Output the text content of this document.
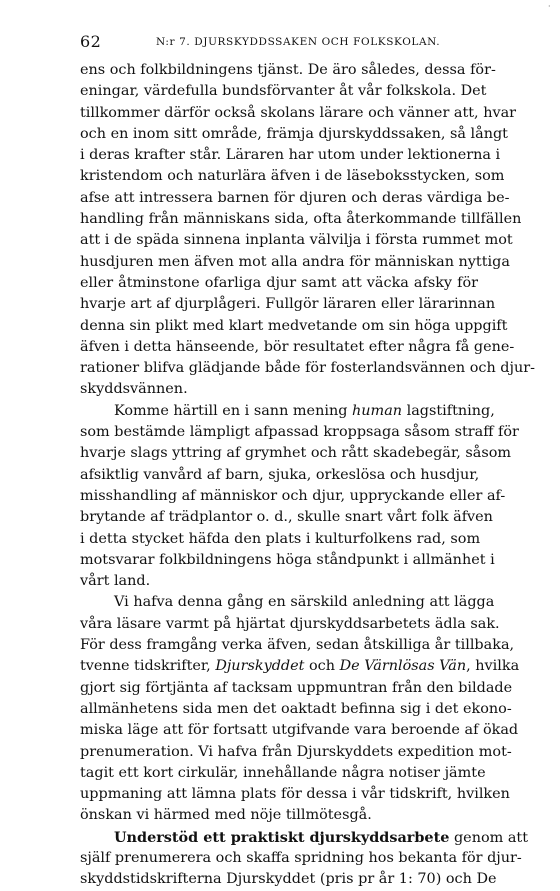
·
62	N:r 7. DJURSKYDDSSAKEN OCH FOLKSKOLAN.
ens och folkbildningens tjänst. De äro således, dessa för-
eningar, värdefulla bundsförvanter åt vår folkskola. Det
tillkommer därför också skolans lärare och vänner att, hvar
och en inom sitt område, främja djurskyddssaken, så långt
i deras krafter står. Läraren har utom under lektionerna i
kristendom och naturlära äfven i de läseboksstycken, som
afse att intressera barnen för djuren och deras värdiga be-
handling från människans sida, ofta återkommande tillfällen
att i de späda sinnena inplanta välvilja i första rummet mot
husdjuren men äfven mot alla andra för människan nyttiga
eller åtminstone ofarliga djur samt att väcka afsky för
hvarje art af djurplågeri. Fullgör läraren eller lärarinnan
denna sin plikt med klart medvetande om sin höga uppgift
äfven i detta hänseende, bör resultatet efter några få gene-
rationer blifva glädjande både för fosterlandsvännen och djur-
skyddsvännen.
Komme härtill en i sann mening human lagstiftning,
som bestämde lämpligt afpassad kroppsaga såsom straff för
hvarje slags yttring af grymhet och rått skadebegär, såsom
afsiktlig vanvård af barn, sjuka, orkeslösa och husdjur,
misshandling af människor och djur, uppryckande eller af-
brytande af trädplantor o. d., skulle snart vårt folk äfven
i detta stycket häfda den plats i kulturfolkens rad, som
motsvarar folkbildningens höga ståndpunkt i allmänhet i
vårt land.
Vi hafva denna gång en särskild anledning att lägga
våra läsare varmt på hjärtat djurskyddsarbetets ädla sak.
För dess framgång verka äfven, sedan åtskilliga år tillbaka,
tvenne tidskrifter, Djurskyddet och De Värnlösas Vän, hvilka
gjort sig förtjänta af tacksam uppmuntran från den bildade
allmänhetens sida men det oaktadt befinna sig i det ekono-
miska läge att för fortsatt utgifvande vara beroende af ökad
prenumeration. Vi hafva från Djurskyddets expedition mot-
tagit ett kort cirkulär, innehållande några notiser jämte
uppmaning att lämna plats för dessa i vår tidskrift, hvilken
önskan vi härmed med nöje tillmötesgå.
Understöd ett praktiskt djurskyddsarbete genom att
själf prenumerera och skaffa spridning hos bekanta för djur-
skyddstidskrifterna Djurskyddet (pris pr år 1: 70) och De
